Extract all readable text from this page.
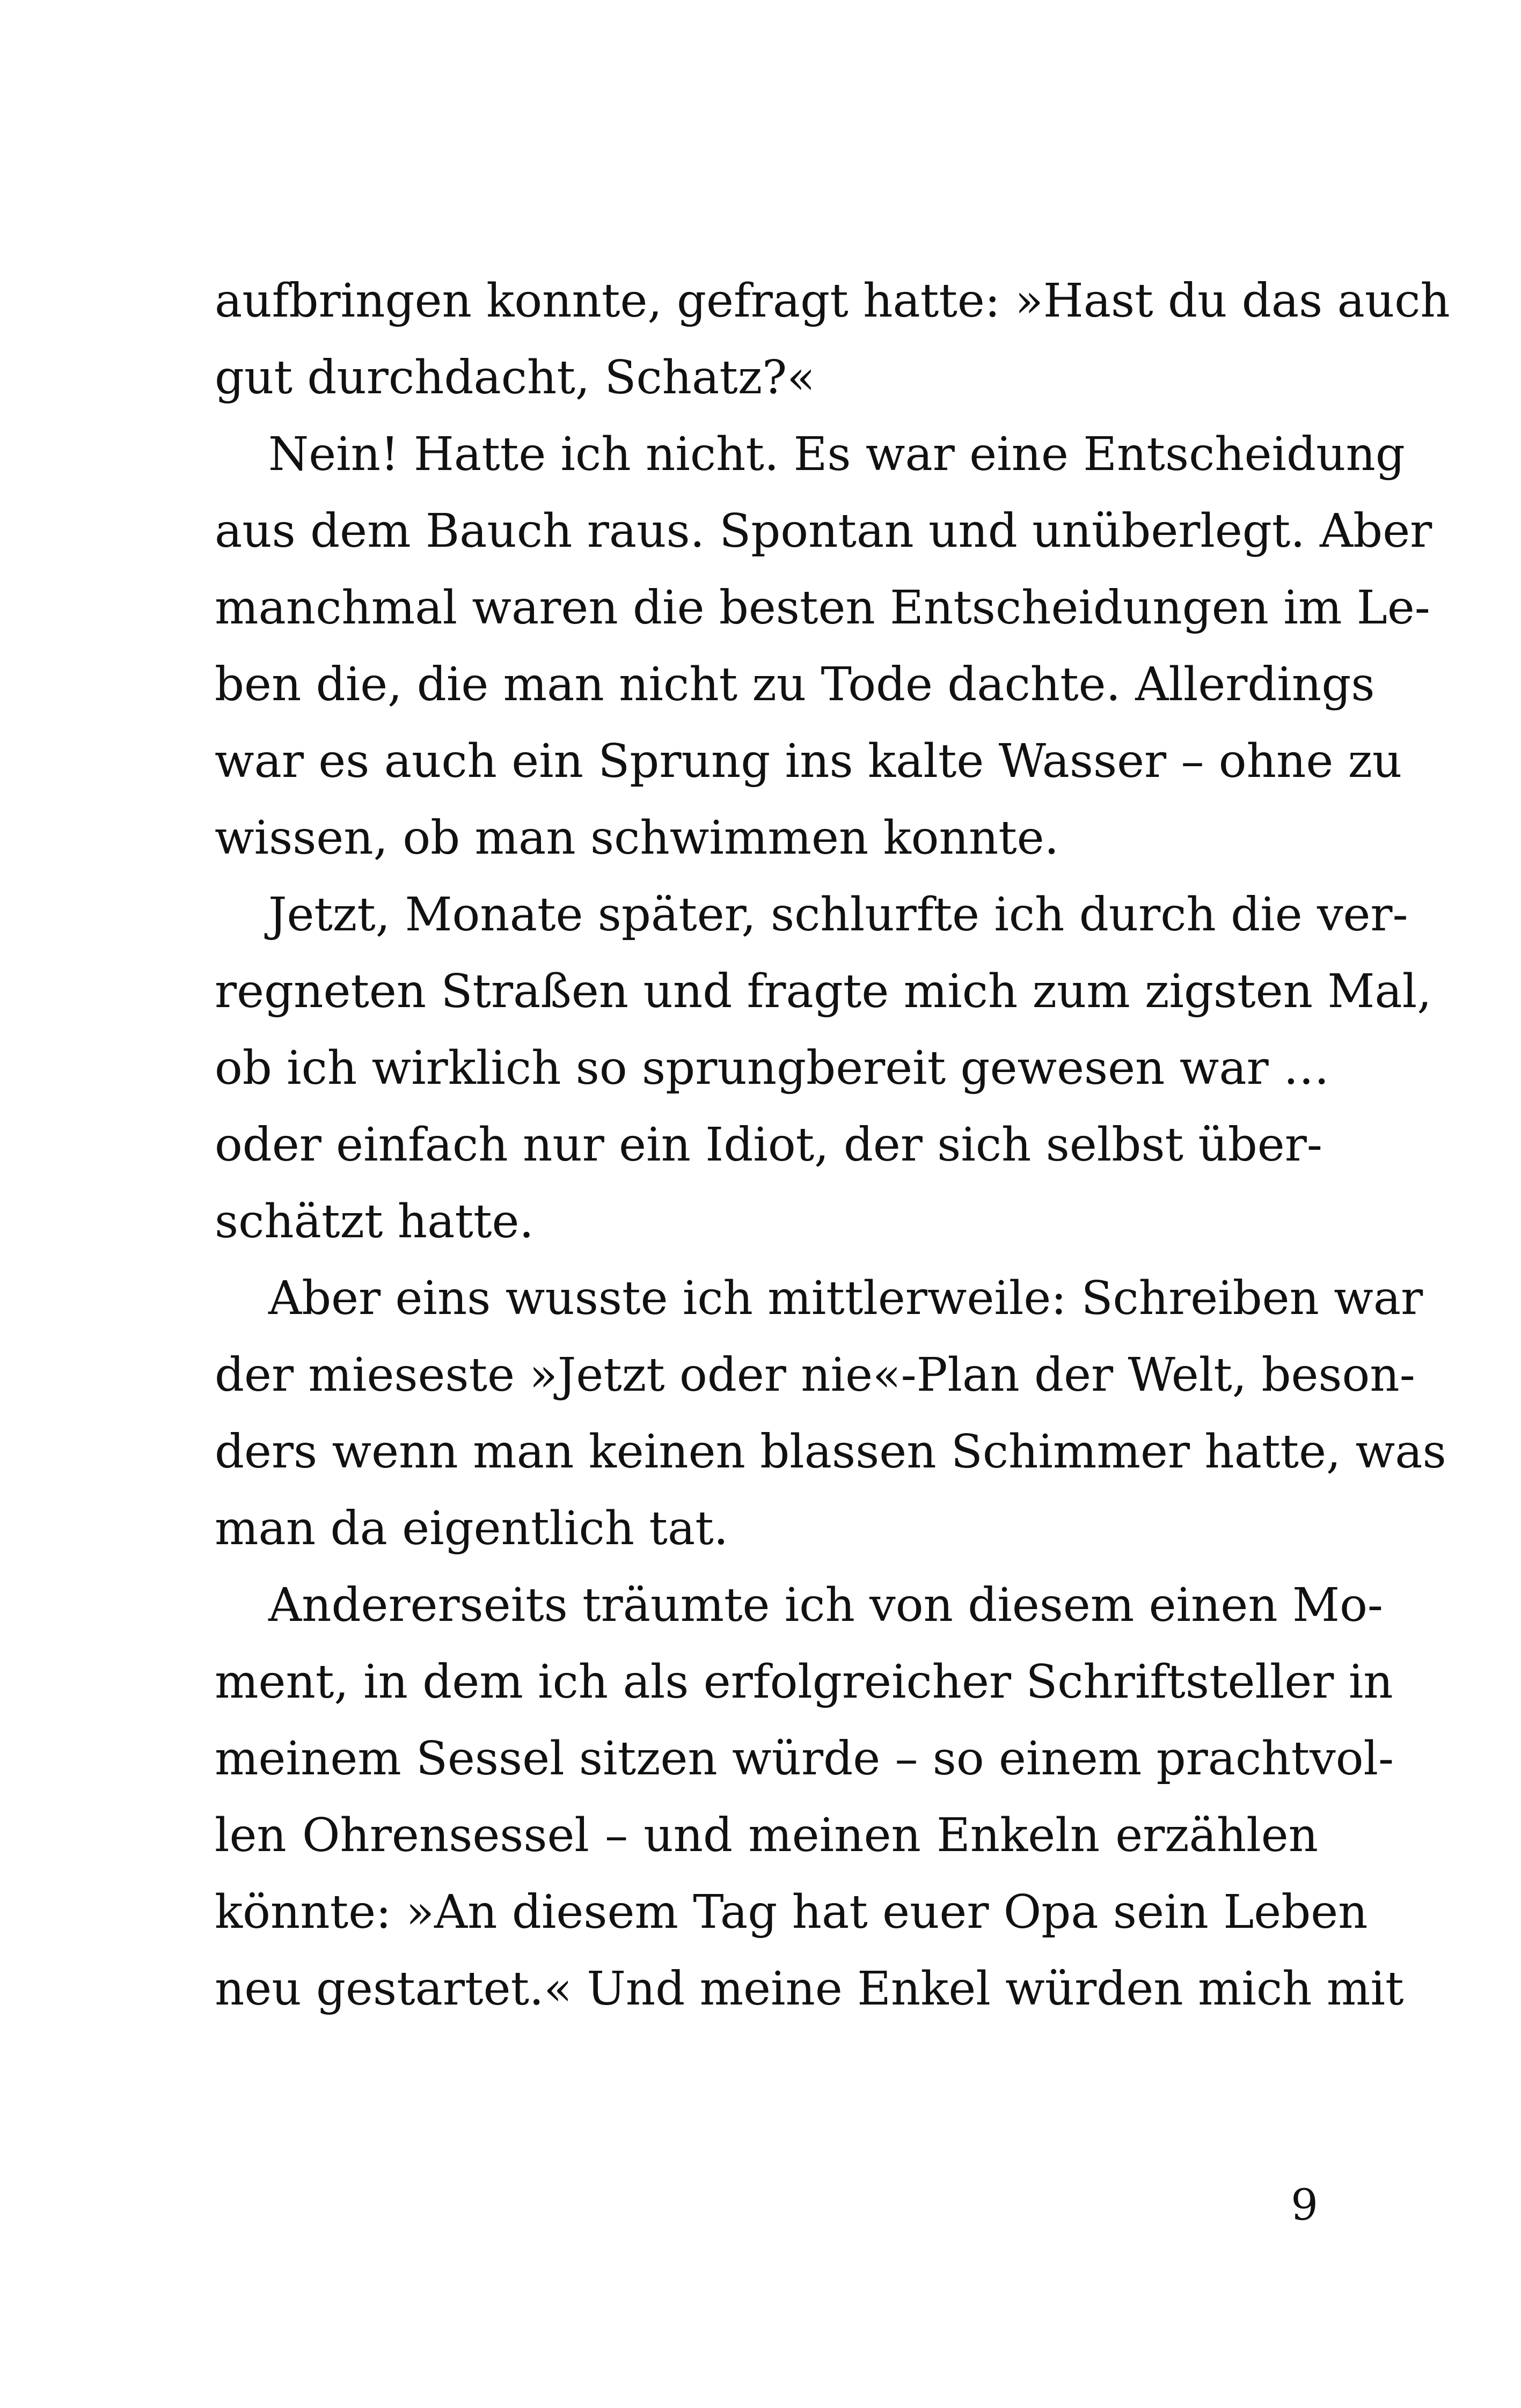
aufbringen konnte, gefragt hatte: »Hast du das auch
gut durchdacht, Schatz?«
Nein! Hatte ich nicht. Es war eine Entscheidung
aus dem Bauch raus. Spontan und unüberlegt. Aber
manchmal waren die besten Entscheidungen im Le-
ben die, die man nicht zu Tode dachte. Allerdings
war es auch ein Sprung ins kalte Wasser – ohne zu
wissen, ob man schwimmen konnte.
Jetzt, Monate später, schlurfte ich durch die ver-
regneten Straßen und fragte mich zum zigsten Mal,
ob ich wirklich so sprungbereit gewesen war …
oder einfach nur ein Idiot, der sich selbst über-
schätzt hatte.
Aber eins wusste ich mittlerweile: Schreiben war
der mieseste »Jetzt oder nie«-Plan der Welt, beson-
ders wenn man keinen blassen Schimmer hatte, was
man da eigentlich tat.
Andererseits träumte ich von diesem einen Mo-
ment, in dem ich als erfolgreicher Schriftsteller in
meinem Sessel sitzen würde – so einem prachtvol-
len Ohrensessel – und meinen Enkeln erzählen
könnte: »An diesem Tag hat euer Opa sein Leben
neu gestartet.« Und meine Enkel würden mich mit
9
